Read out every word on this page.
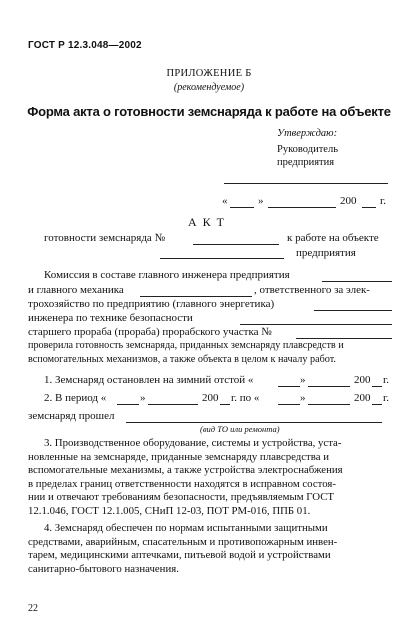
ГОСТ Р 12.3.048—2002
ПРИЛОЖЕНИЕ Б
(рекомендуемое)
Форма акта о готовности земснаряда к работе на объекте
Утверждаю:
Руководитель
предприятия
«	»	200 г.
АКТ
готовности земснаряда №	к работе на объекте
предприятия
Комиссия в составе главного инженера предприятия
и главного механика	, ответственного за элек-
трохозяйство по предприятию (главного энергетика)
инженера по технике безопасности
старшего прораба (прораба) прорабского участка №
проверила готовность земснаряда, приданных земснаряду плавсредств и
вспомогательных механизмов, а также объекта в целом к началу работ.
1. Земснаряд остановлен на зимний отстой «	»	200 г.
2. В период «	»	200 г. по «	»	200 г.
земснаряд прошел
(вид ТО или ремонта)
3. Производственное оборудование, системы и устройства, уста-
новленные на земснаряде, приданные земснаряду плавсредства и
вспомогательные механизмы, а также устройства электроснабжения
в пределах границ ответственности находятся в исправном состоя-
нии и отвечают требованиям безопасности, предъявляемым ГОСТ
12.1.046, ГОСТ 12.1.005, СНиП 12-03, ПОТ РМ-016, ППБ 01.
4. Земснаряд обеспечен по нормам испытанными защитными
средствами, аварийным, спасательным и противопожарным инвен-
тарем, медицинскими аптечками, питьевой водой и устройствами
санитарно-бытового назначения.
22
